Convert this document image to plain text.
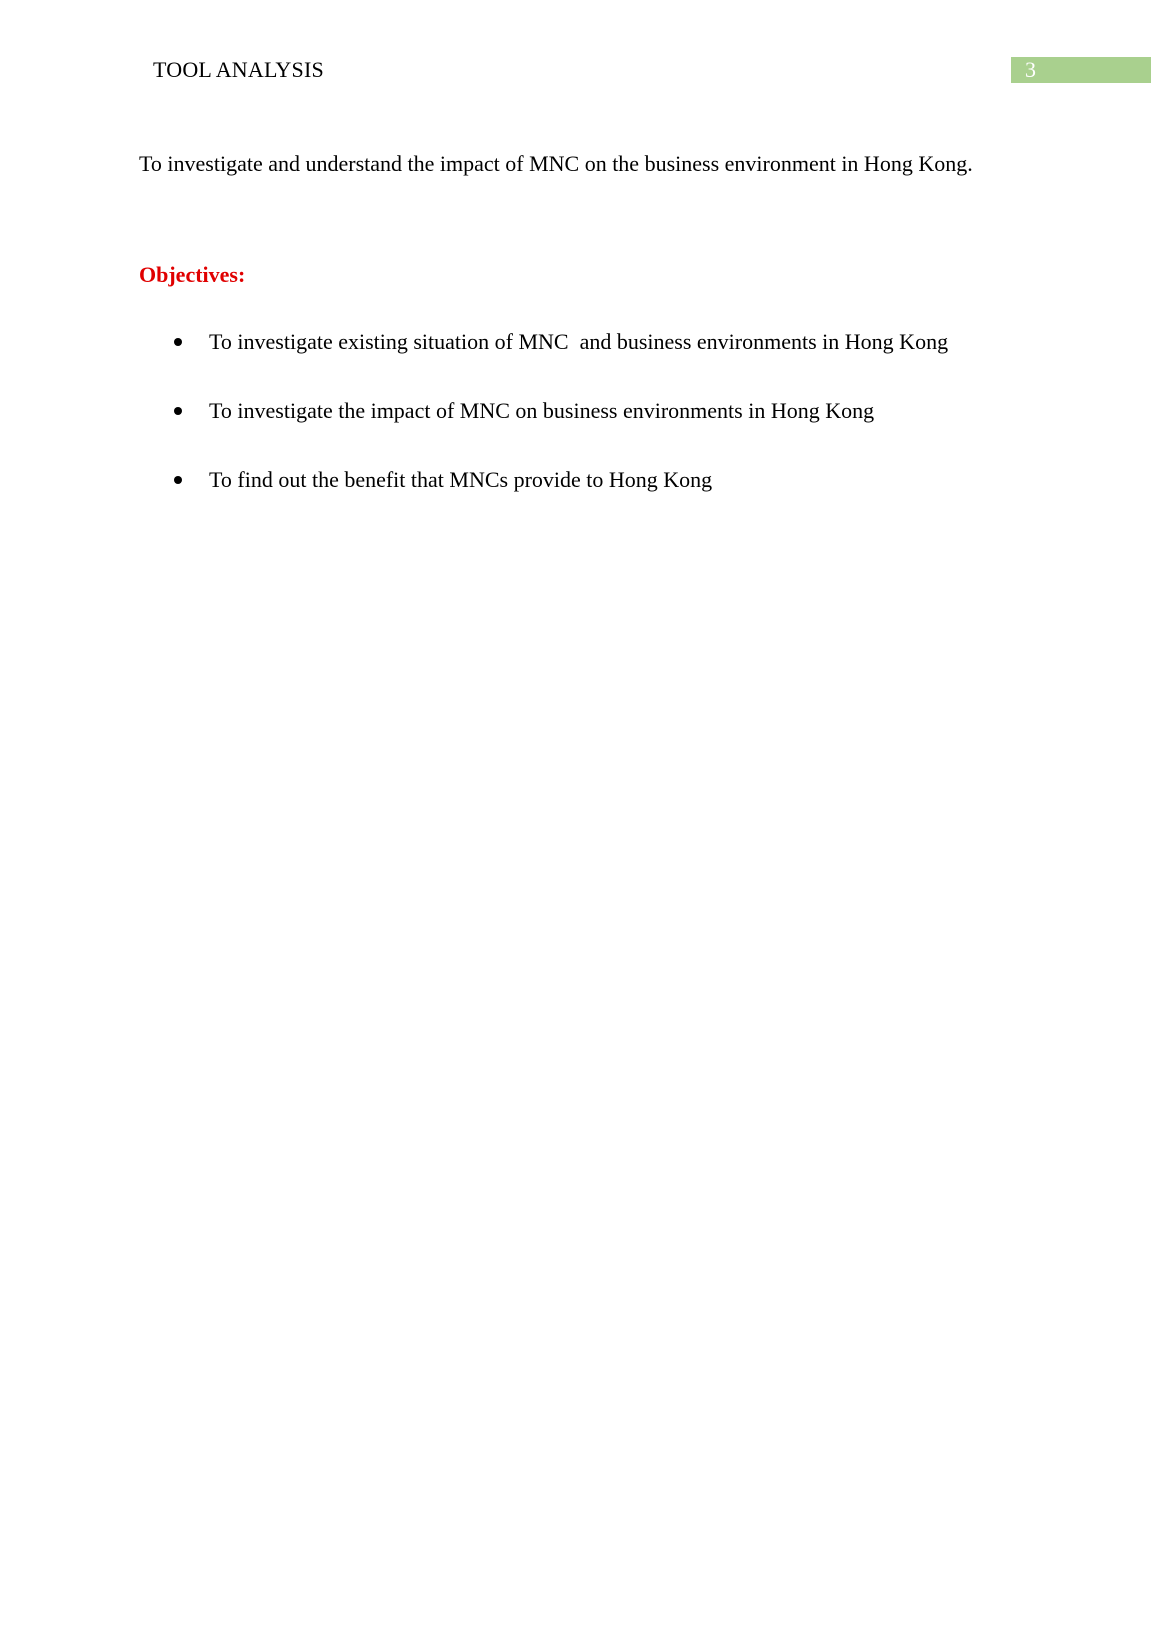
TOOL ANALYSIS	3
To investigate and understand the impact of MNC on the business environment in Hong Kong.
Objectives:
To investigate existing situation of MNC  and business environments in Hong Kong
To investigate the impact of MNC on business environments in Hong Kong
To find out the benefit that MNCs provide to Hong Kong
